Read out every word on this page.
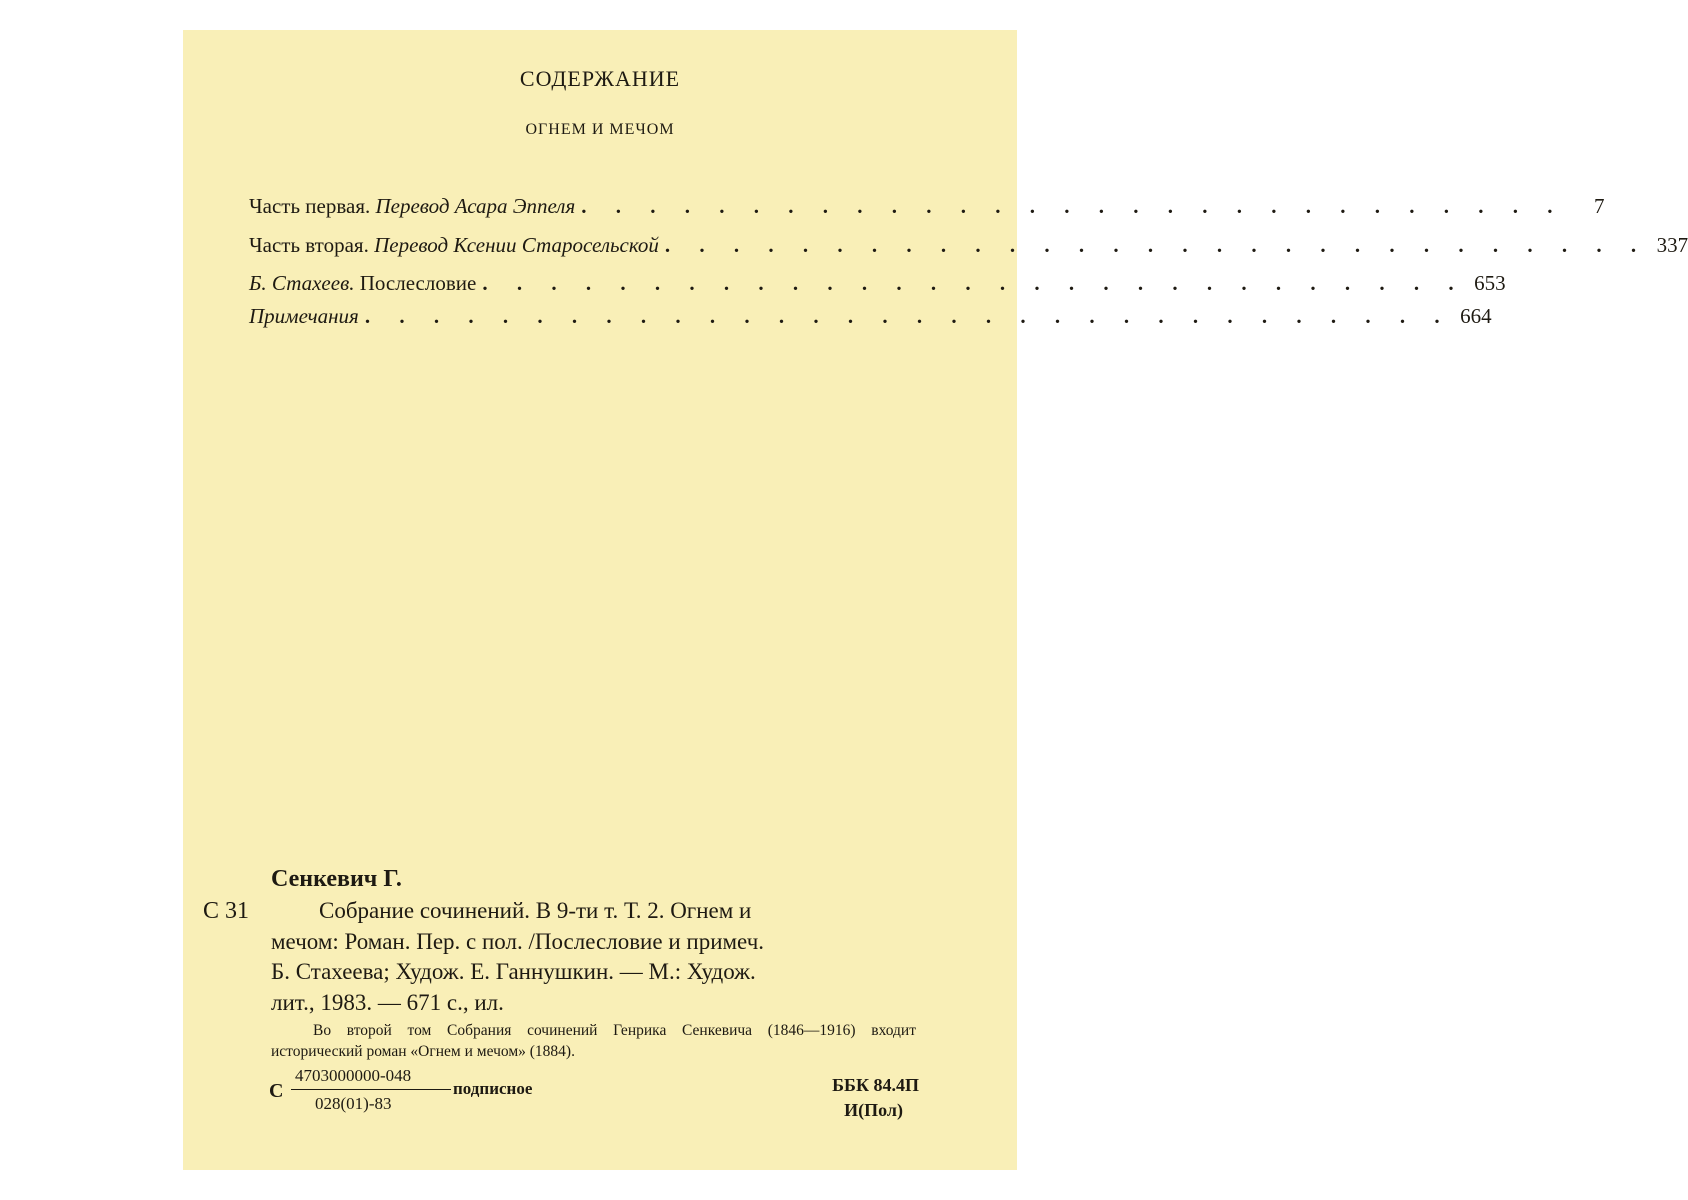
СОДЕРЖАНИЕ
ОГНЕМ И МЕЧОМ
Часть первая. Перевод Асара Эппеля . . . . . . . . . . . . . . . . . . . . . . . . . . . . .	7
Часть вторая. Перевод Ксении Старосельской . . . . . . . . . . . . . . . . . . . . . . . . . . . . . 337
Б. Стахеев. Послесловие . . . . . . . . . . . . . . . . . . . . . . . . . . . . . 653
Примечания . . . . . . . . . . . . . . . . . . . . . . . . . . . . . . . . 664
Сенкевич Г.
С 31	Собрание сочинений. В 9-ти т. Т. 2. Огнем и
мечом: Роман. Пер. с пол. /Послесловие и примеч.
Б. Стахеева; Худож. Е. Ганнушкин. — М.: Худож.
лит., 1983. — 671 с., ил.
Во второй том Собрания сочинений Генрика Сенкевича (1846—1916) входит исторический роман «Огнем и мечом» (1884).
С
4703000000-048
028(01)-83
подписное	ББК 84.4П
И(Пол)
